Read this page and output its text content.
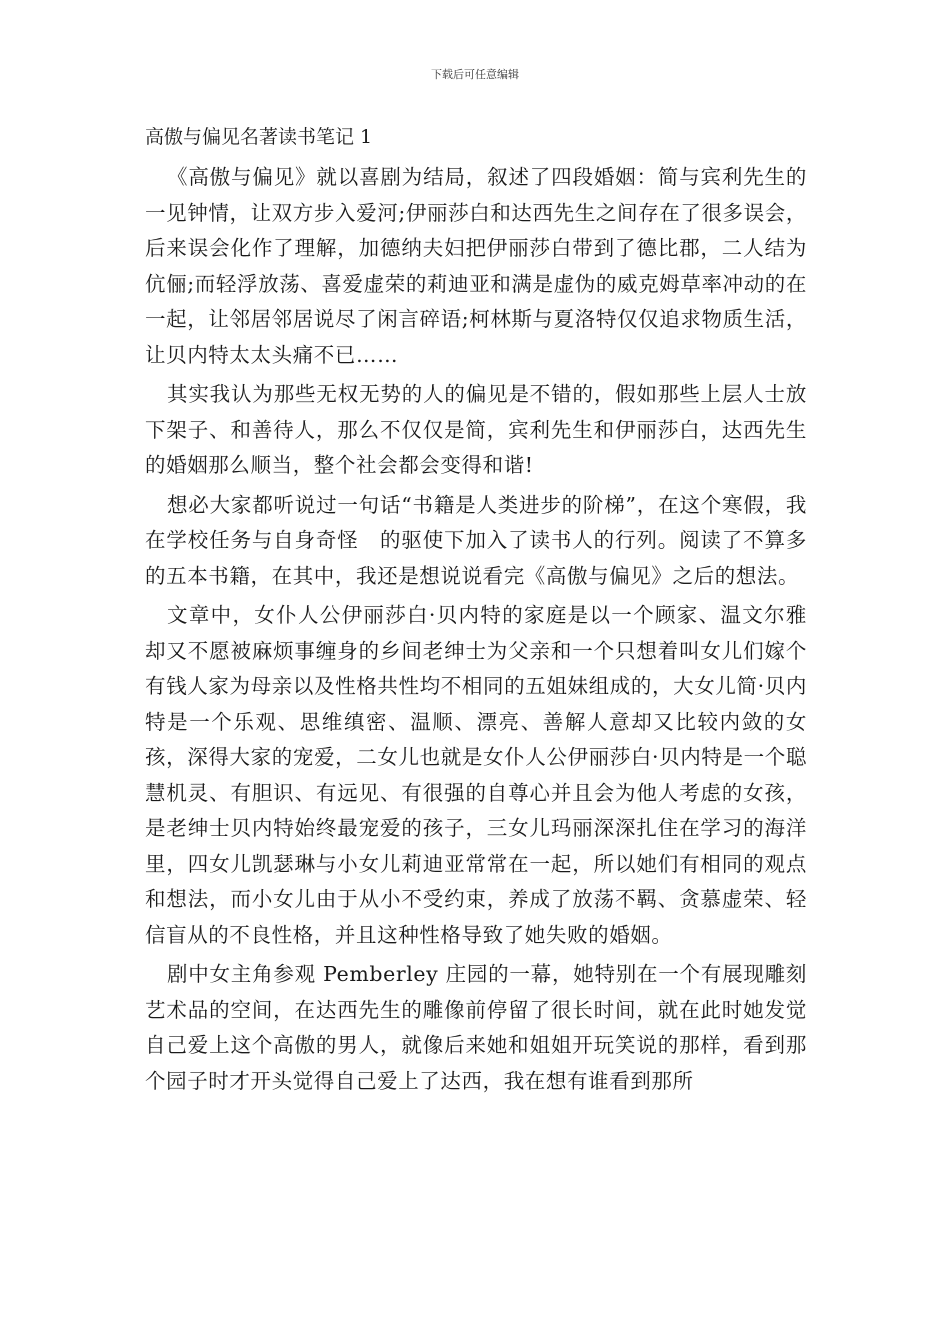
下载后可任意编辑
高傲与偏见名著读书笔记 1

《高傲与偏见》就以喜剧为结局，叙述了四段婚姻：简与宾利先生的一见钟情，让双方步入爱河;伊丽莎白和达西先生之间存在了很多误会，后来误会化作了理解，加德纳夫妇把伊丽莎白带到了德比郡，二人结为伉俪;而轻浮放荡、喜爱虚荣的莉迪亚和满是虚伪的威克姆草率冲动的在一起，让邻居邻居说尽了闲言碎语;柯林斯与夏洛特仅仅追求物质生活，让贝内特太太头痛不已……

其实我认为那些无权无势的人的偏见是不错的，假如那些上层人士放下架子、和善待人，那么不仅仅是简，宾利先生和伊丽莎白，达西先生的婚姻那么顺当，整个社会都会变得和谐!

想必大家都听说过一句话“书籍是人类进步的阶梯”，在这个寒假，我在学校任务与自身奇怪　的驱使下加入了读书人的行列。阅读了不算多的五本书籍，在其中，我还是想说说看完《高傲与偏见》之后的想法。

文章中，女仆人公伊丽莎白·贝内特的家庭是以一个顾家、温文尔雅却又不愿被麻烦事缠身的乡间老绅士为父亲和一个只想着叫女儿们嫁个有钱人家为母亲以及性格共性均不相同的五姐妹组成的，大女儿简·贝内特是一个乐观、思维缜密、温顺、漂亮、善解人意却又比较内敛的女孩，深得大家的宠爱，二女儿也就是女仆人公伊丽莎白·贝内特是一个聪慧机灵、有胆识、有远见、有很强的自尊心并且会为他人考虑的女孩，是老绅士贝内特始终最宠爱的孩子，三女儿玛丽深深扎住在学习的海洋里，四女儿凯瑟琳与小女儿莉迪亚常常在一起，所以她们有相同的观点和想法，而小女儿由于从小不受约束，养成了放荡不羁、贪慕虚荣、轻信盲从的不良性格，并且这种性格导致了她失败的婚姻。

剧中女主角参观 Pemberley 庄园的一幕，她特别在一个有展现雕刻艺术品的空间，在达西先生的雕像前停留了很长时间，就在此时她发觉自己爱上这个高傲的男人，就像后来她和姐姐开玩笑说的那样，看到那个园子时才开头觉得自己爱上了达西，我在想有谁看到那所
